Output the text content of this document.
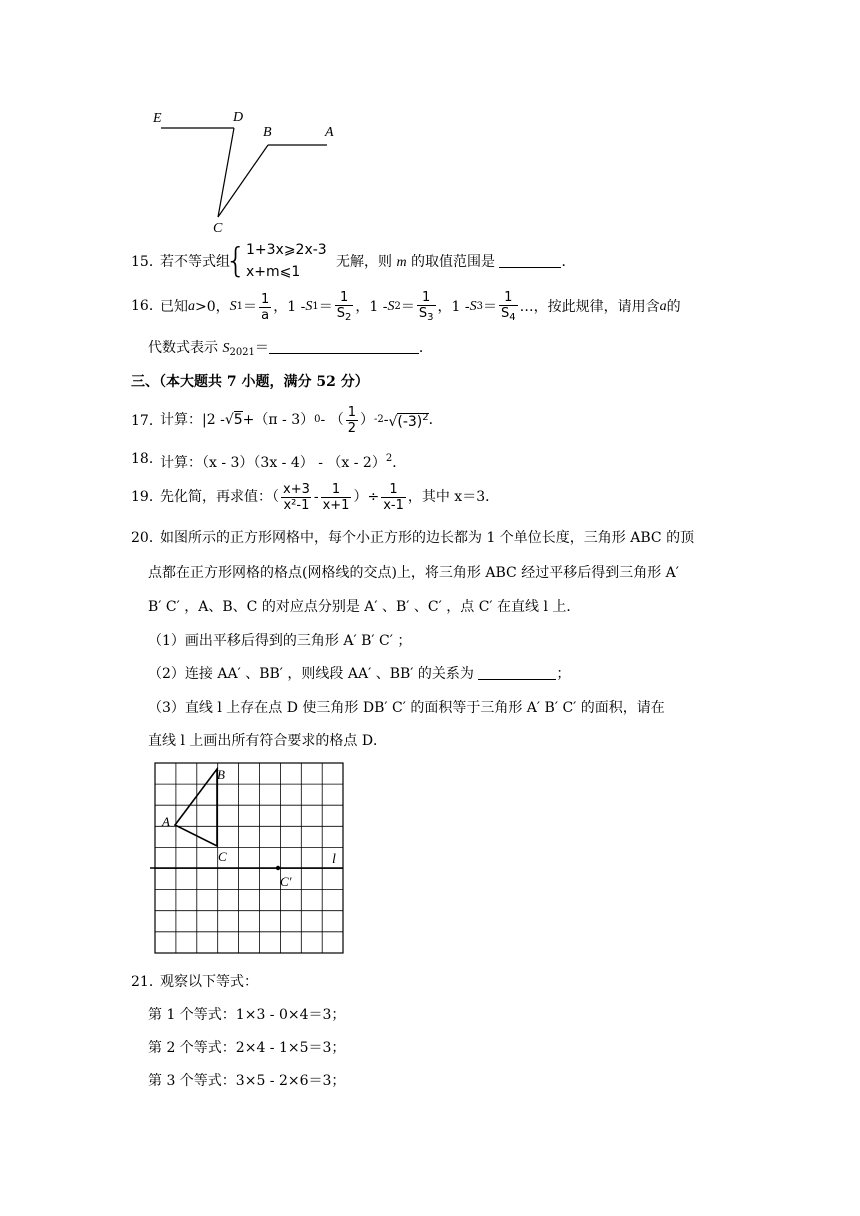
E	D
B	A
C
15．
若不等式组
{ 1+3x⩾2x-3
x+m⩽1
无解，则 m 的取值范围是	．
16．
已知 a >0， S $1 = \frac{1}{a}$ ，1 - S $1 = \frac{1}{S_2}$ ，1 - S $2 = \frac{1}{S_3}$ ，1 - S $3 = \frac{1}{S_4}$ …，按此规律，请用含 a 的
代数式表示 $S_{2021}=$	．
三、（本大题共 7 小题，满分 52 分）
17．
计算：|2 - √5 +（π - 3） 0 - （ $\frac{1}{2}$ ） $-2 - √(-3)^2$ ．
18．
计算：（x - 3）（3x - 4） - （x - 2）$^2$．
19．
先化简，再求值：（ $\frac{x+3}{\text{x²-1}} - \frac{1}{x+1}$ ）÷ $\frac{1}{x-1}$ ，其中 x＝3．
20．
如图所示的正方形网格中，每个小正方形的边长都为 1 个单位长度，三角形 ABC 的顶
点都在正方形网格的格点(网格线的交点)上，将三角形 ABC 经过平移后得到三角形 A′
B′ C′ ，A、B、C 的对应点分别是 A′ 、B′ 、C′ ，点 C′ 在直线 l 上．
（1）画出平移后得到的三角形 A′ B′ C′ ；
（2）连接 AA′ 、BB′ ，则线段 AA′ 、BB′ 的关系为	；
（3）直线 l 上存在点 D 使三角形 DB′ C′ 的面积等于三角形 A′ B′ C′ 的面积，请在
直线 l 上画出所有符合要求的格点 D．
B
A
C
C′
l
21．
观察以下等式：
第 1 个等式：1×3 - 0×4＝3；
第 2 个等式：2×4 - 1×5＝3；
第 3 个等式：3×5 - 2×6＝3；
